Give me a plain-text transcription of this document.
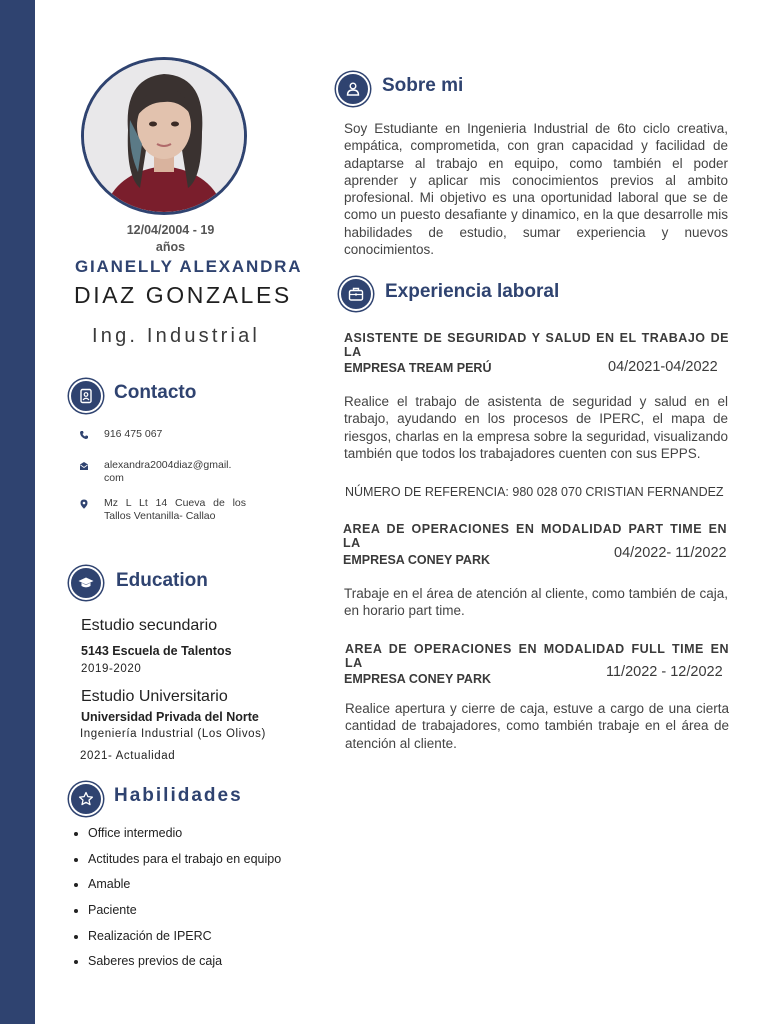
12/04/2004 - 19
años
GIANELLY ALEXANDRA
DIAZ GONZALES
Ing. Industrial
Contacto
916 475 067
alexandra2004diaz@gmail.
com
Mz L Lt 14 Cueva de los
Tallos Ventanilla- Callao
Education
Estudio secundario
5143 Escuela de Talentos
2019-2020
Estudio Universitario
Universidad Privada del Norte
Ingeniería Industrial (Los Olivos)
2021- Actualidad
Habilidades
• Office intermedio
• Actitudes para el trabajo en equipo
• Amable
• Paciente
• Realización de IPERC
• Saberes previos de caja
Sobre mi
Soy Estudiante en Ingenieria Industrial de 6to ciclo creativa, empática, comprometida, con gran capacidad y facilidad de adaptarse al trabajo en equipo, como también el poder aprender y aplicar mis conocimientos previos al ambito profesional. Mi objetivo es una oportunidad laboral que se de como un puesto desafiante y dinamico, en la que desarrolle mis habilidades de estudio, sumar experiencia y nuevos conocimientos.
Experiencia laboral
ASISTENTE DE SEGURIDAD Y SALUD EN EL TRABAJO DE LA
EMPRESA TREAM PERÚ	04/2021-04/2022
Realice el trabajo de asistenta de seguridad y salud en el trabajo, ayudando en los procesos de IPERC, el mapa de riesgos, charlas en la empresa sobre la seguridad, visualizando también que todos los trabajadores cuenten con sus EPPS.
NÚMERO DE REFERENCIA: 980 028 070 CRISTIAN FERNANDEZ
AREA DE OPERACIONES EN MODALIDAD PART TIME EN LA
EMPRESA CONEY PARK	04/2022- 11/2022
Trabaje en el área de atención al cliente, como también de caja, en horario part time.
AREA DE OPERACIONES EN MODALIDAD FULL TIME EN LA
EMPRESA CONEY PARK	11/2022 - 12/2022
Realice apertura y cierre de caja, estuve a cargo de una cierta cantidad de trabajadores, como también trabaje en el área de atención al cliente.
